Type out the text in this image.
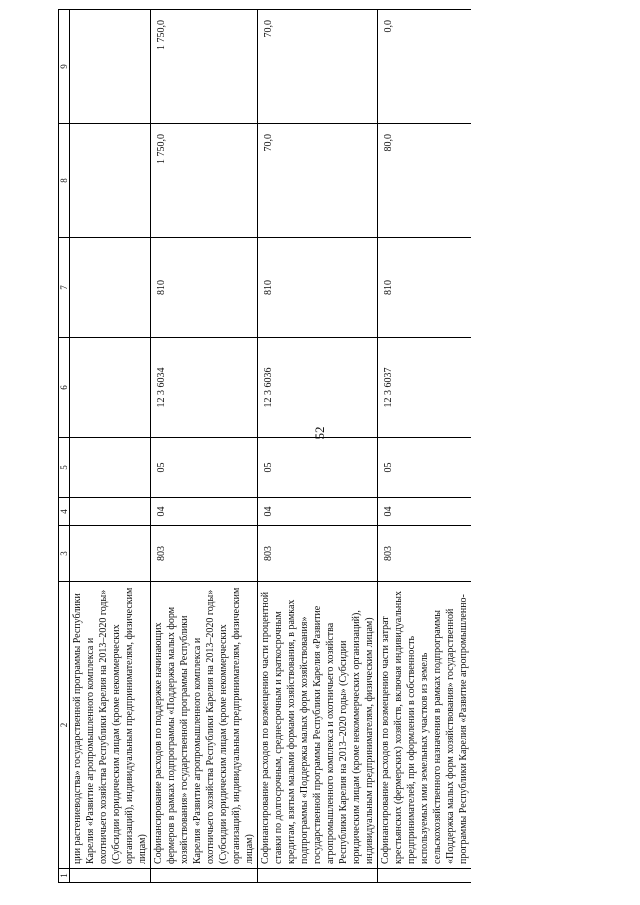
52
1	2	3	4	5	6	7	8	9
	ции растениеводства» государственной программы Республики Карелия «Развитие агропромышленного комплекса и охотничьего хозяйства Республики Карелия на 2013–2020 годы» (Субсидии юридическим лицам (кроме некоммерческих организаций), индивидуальным предпринимателям, физическим лицам)							
	Софинансирование расходов по поддержке начинающих фермеров в рамках подпрограммы «Поддержка малых форм хозяйствования» государственной программы Республики Карелия «Развитие агропромышленного комплекса и охотничьего хозяйства Республики Карелия на 2013–2020 годы» (Субсидии юридическим лицам (кроме некоммерческих организаций), индивидуальным предпринимателям, физическим лицам)	803	04	05	12 3 6034	810	1 750,0	1 750,0
	Софинансирование расходов по возмещению части процентной ставки по долгосрочным, среднесрочным и краткосрочным кредитам, взятым малыми формами хозяйствования, в рамках подпрограммы «Поддержка малых форм хозяйствования» государственной программы Республики Карелия «Развитие агропромышленного комплекса и охотничьего хозяйства Республики Карелия на 2013–2020 годы» (Субсидии юридическим лицам (кроме некоммерческих организаций), индивидуальным предпринимателям, физическим лицам)	803	04	05	12 3 6036	810	70,0	70,0
	Софинансирование расходов по возмещению части затрат крестьянских (фермерских) хозяйств, включая индивидуальных предпринимателей, при оформлении в собственность используемых ими земельных участков из земель сельскохозяйственного назначения в рамках подпрограммы «Поддержка малых форм хозяйствования» государственной программы Республики Карелия «Развитие агропромышленно-	803	04	05	12 3 6037	810	80,0	0,0
